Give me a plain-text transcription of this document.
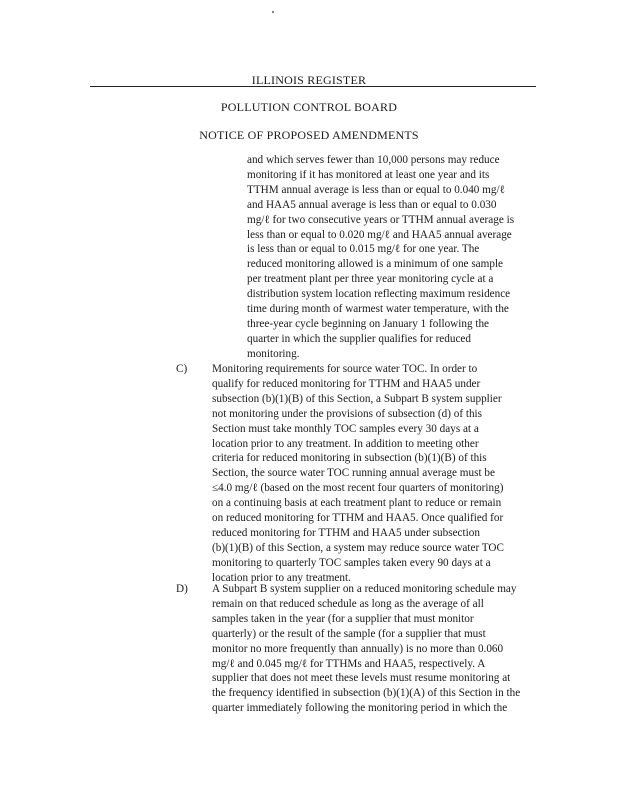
ILLINOIS REGISTER
POLLUTION CONTROL BOARD
NOTICE OF PROPOSED AMENDMENTS
and which serves fewer than 10,000 persons may reduce
monitoring if it has monitored at least one year and its
TTHM annual average is less than or equal to 0.040 mg/ℓ
and HAA5 annual average is less than or equal to 0.030
mg/ℓ for two consecutive years or TTHM annual average is
less than or equal to 0.020 mg/ℓ and HAA5 annual average
is less than or equal to 0.015 mg/ℓ for one year. The
reduced monitoring allowed is a minimum of one sample
per treatment plant per three year monitoring cycle at a
distribution system location reflecting maximum residence
time during month of warmest water temperature, with the
three-year cycle beginning on January 1 following the
quarter in which the supplier qualifies for reduced
monitoring.
C) Monitoring requirements for source water TOC. In order to
qualify for reduced monitoring for TTHM and HAA5 under
subsection (b)(1)(B) of this Section, a Subpart B system supplier
not monitoring under the provisions of subsection (d) of this
Section must take monthly TOC samples every 30 days at a
location prior to any treatment. In addition to meeting other
criteria for reduced monitoring in subsection (b)(1)(B) of this
Section, the source water TOC running annual average must be
≤4.0 mg/ℓ (based on the most recent four quarters of monitoring)
on a continuing basis at each treatment plant to reduce or remain
on reduced monitoring for TTHM and HAA5. Once qualified for
reduced monitoring for TTHM and HAA5 under subsection
(b)(1)(B) of this Section, a system may reduce source water TOC
monitoring to quarterly TOC samples taken every 90 days at a
location prior to any treatment.
D) A Subpart B system supplier on a reduced monitoring schedule may
remain on that reduced schedule as long as the average of all
samples taken in the year (for a supplier that must monitor
quarterly) or the result of the sample (for a supplier that must
monitor no more frequently than annually) is no more than 0.060
mg/ℓ and 0.045 mg/ℓ for TTHMs and HAA5, respectively. A
supplier that does not meet these levels must resume monitoring at
the frequency identified in subsection (b)(1)(A) of this Section in the
quarter immediately following the monitoring period in which the
